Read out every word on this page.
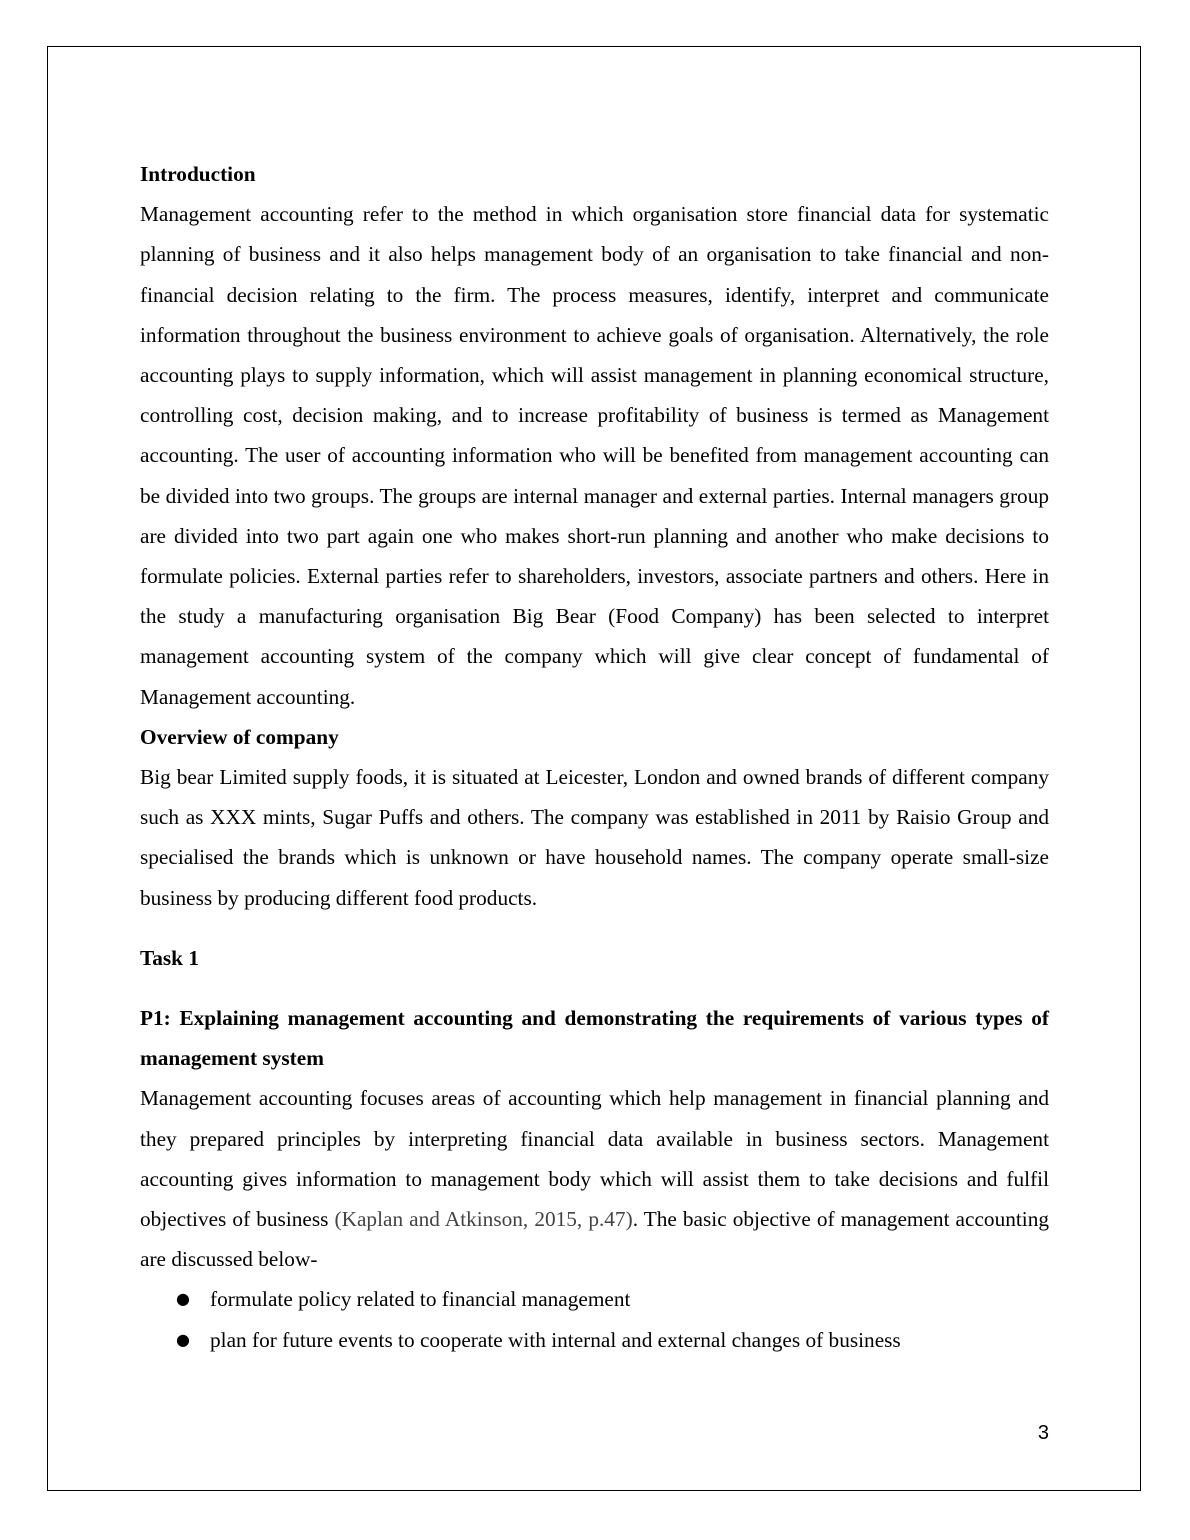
Introduction

Management accounting refer to the method in which organisation store financial data for systematic planning of business and it also helps management body of an organisation to take financial and non-financial decision relating to the firm. The process measures, identify, interpret and communicate information throughout the business environment to achieve goals of organisation. Alternatively, the role accounting plays to supply information, which will assist management in planning economical structure, controlling cost, decision making, and to increase profitability of business is termed as Management accounting. The user of accounting information who will be benefited from management accounting can be divided into two groups. The groups are internal manager and external parties. Internal managers group are divided into two part again one who makes short-run planning and another who make decisions to formulate policies. External parties refer to shareholders, investors, associate partners and others. Here in the study a manufacturing organisation Big Bear (Food Company) has been selected to interpret management accounting system of the company which will give clear concept of fundamental of Management accounting.

Overview of company

Big bear Limited supply foods, it is situated at Leicester, London and owned brands of different company such as XXX mints, Sugar Puffs and others. The company was established in 2011 by Raisio Group and specialised the brands which is unknown or have household names. The company operate small-size business by producing different food products.

Task 1

P1: Explaining management accounting and demonstrating the requirements of various types of management system

Management accounting focuses areas of accounting which help management in financial planning and they prepared principles by interpreting financial data available in business sectors. Management accounting gives information to management body which will assist them to take decisions and fulfil objectives of business (Kaplan and Atkinson, 2015, p.47). The basic objective of management accounting are discussed below-

● formulate policy related to financial management
● plan for future events to cooperate with internal and external changes of business
3
